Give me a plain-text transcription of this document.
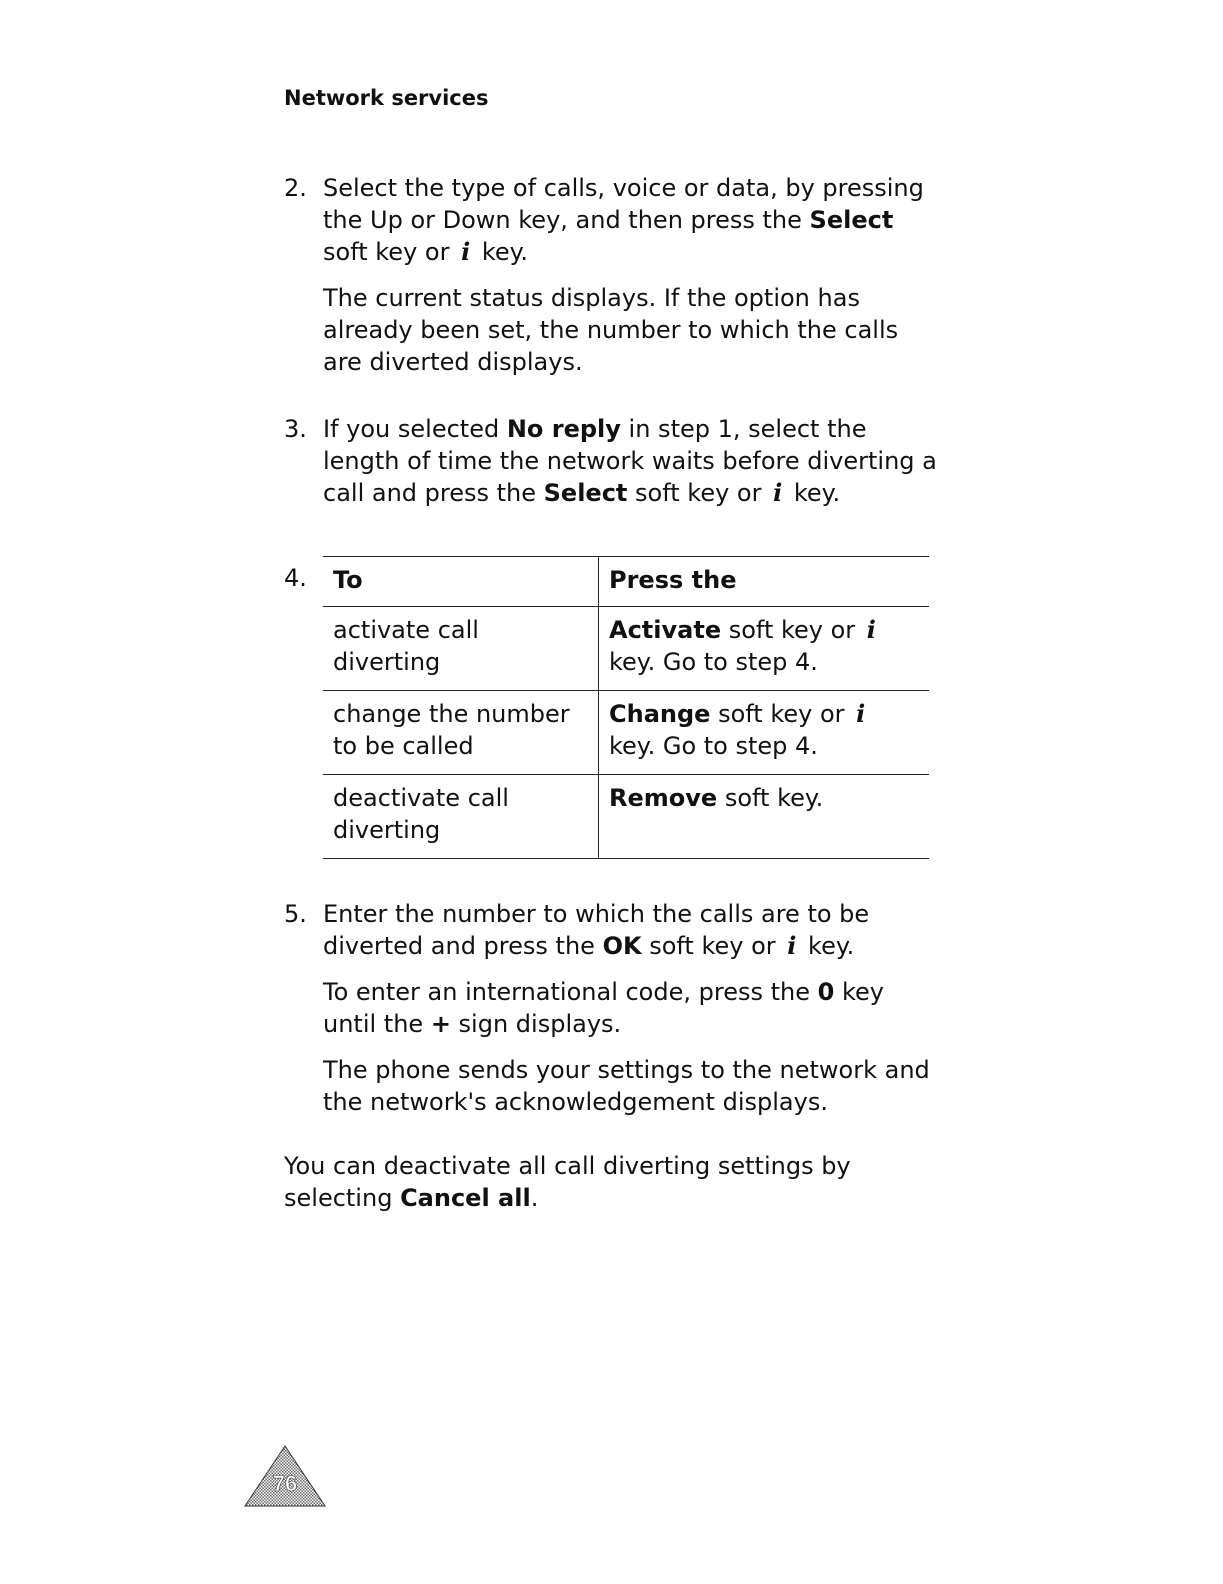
Network services
2. Select the type of calls, voice or data, by pressing the Up or Down key, and then press the Select soft key or i key.

The current status displays. If the option has already been set, the number to which the calls are diverted displays.

3. If you selected No reply in step 1, select the length of time the network waits before diverting a call and press the Select soft key or i key.

4. To	Press the
activate call diverting	Activate soft key or i key. Go to step 4.
change the number to be called	Change soft key or i key. Go to step 4.
deactivate call diverting	Remove soft key.
5. Enter the number to which the calls are to be diverted and press the OK soft key or i key.

To enter an international code, press the 0 key until the + sign displays.

The phone sends your settings to the network and the network's acknowledgement displays.

You can deactivate all call diverting settings by selecting Cancel all.
76
